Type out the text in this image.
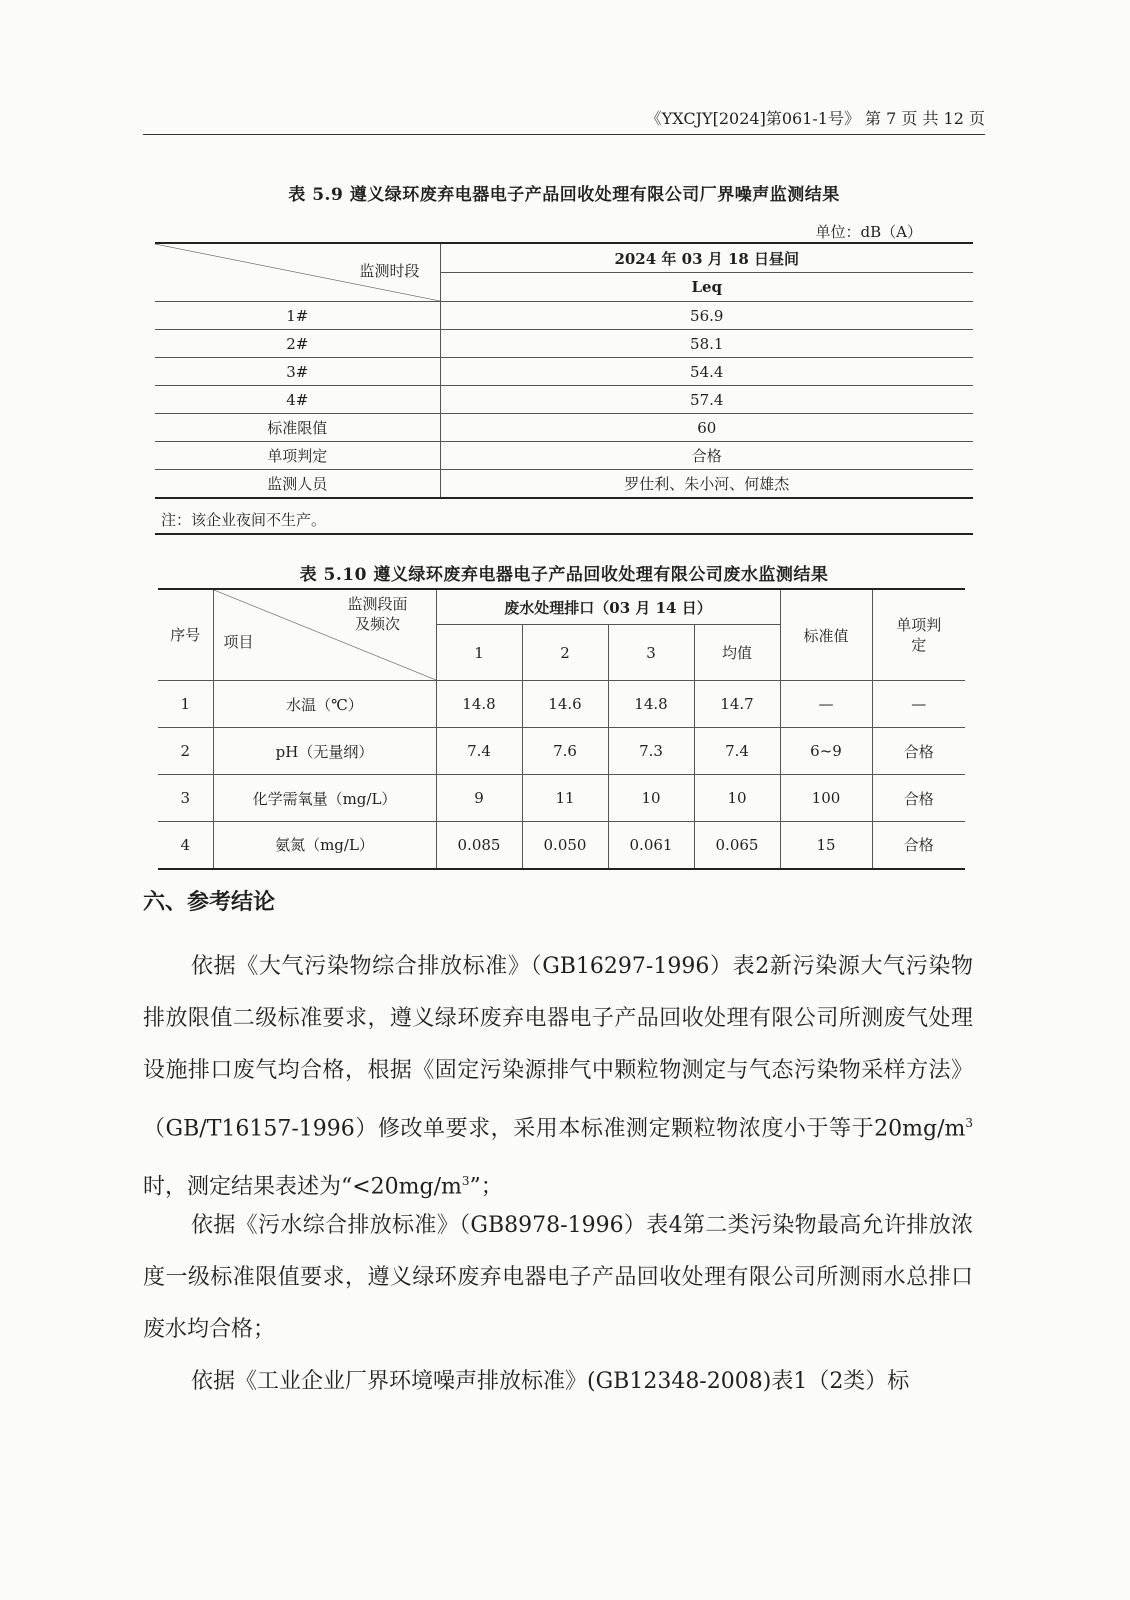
《YXCJY[2024]第061-1号》 第 7 页 共 12 页
表 5.9 遵义绿环废弃电器电子产品回收处理有限公司厂界噪声监测结果
单位：dB（A）
监测时段	2024 年 03 月 18 日昼间
	Leq
1#	56.9
2#	58.1
3#	54.4
4#	57.4
标准限值	60
单项判定	合格
监测人员	罗仕利、朱小河、何雄杰
注：该企业夜间不生产。
表 5.10 遵义绿环废弃电器电子产品回收处理有限公司废水监测结果
序号	监测段面
及频次
项目	废水处理排口（03 月 14 日）				标准值	单项判定
		1	2	3	均值		
1	水温（℃）	14.8	14.6	14.8	14.7	—	—
2	pH（无量纲）	7.4	7.6	7.3	7.4	6~9	合格
3	化学需氧量（mg/L）	9	11	10	10	100	合格
4	氨氮（mg/L）	0.085	0.050	0.061	0.065	15	合格
六、参考结论

依据《大气污染物综合排放标准》（GB16297-1996）表2新污染源大气污染物排放限值二级标准要求，遵义绿环废弃电器电子产品回收处理有限公司所测废气处理设施排口废气均合格，根据《固定污染源排气中颗粒物测定与气态污染物采样方法》（GB/T16157-1996）修改单要求，采用本标准测定颗粒物浓度小于等于$20mg/m^3$时，测定结果表述为“$<20mg/m^3$”；

依据《污水综合排放标准》（GB8978-1996）表4第二类污染物最高允许排放浓度一级标准限值要求，遵义绿环废弃电器电子产品回收处理有限公司所测雨水总排口废水均合格；

依据《工业企业厂界环境噪声排放标准》(GB12348-2008)表1（2类）标
